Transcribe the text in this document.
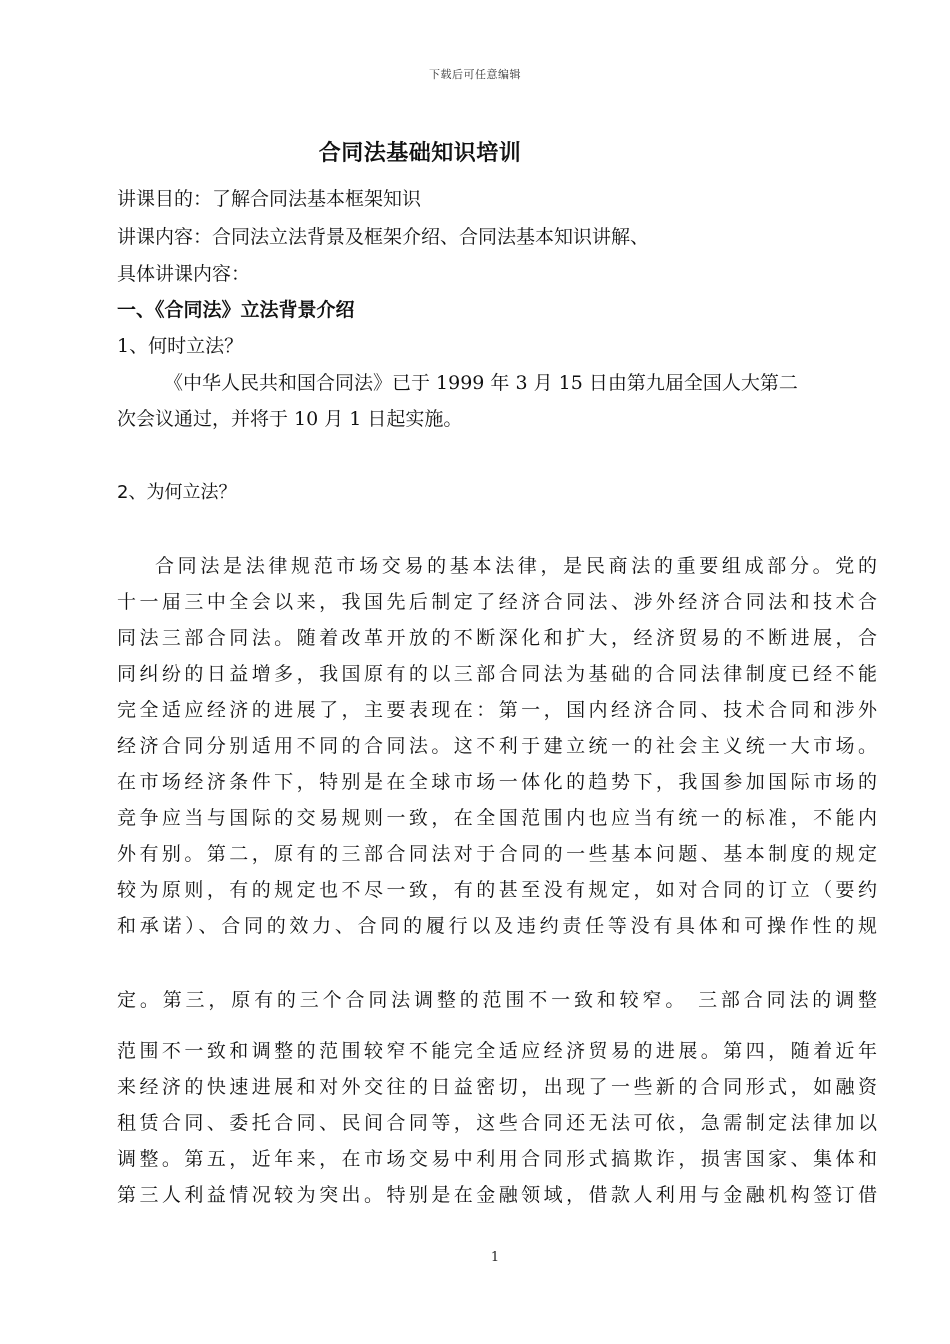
下载后可任意编辑
合同法基础知识培训
讲课目的：了解合同法基本框架知识
讲课内容：合同法立法背景及框架介绍、合同法基本知识讲解、
具体讲课内容：
一、《合同法》立法背景介绍
1、何时立法？
《中华人民共和国合同法》已于 1999 年 3 月 15 日由第九届全国人大第二
次会议通过，并将于 10 月 1 日起实施。
2、为何立法？
合同法是法律规范市场交易的基本法律，是民商法的重要组成部分。党的
十一届三中全会以来，我国先后制定了经济合同法、涉外经济合同法和技术合
同法三部合同法。随着改革开放的不断深化和扩大，经济贸易的不断进展，合
同纠纷的日益增多，我国原有的以三部合同法为基础的合同法律制度已经不能
完全适应经济的进展了，主要表现在：第一，国内经济合同、技术合同和涉外
经济合同分别适用不同的合同法。这不利于建立统一的社会主义统一大市场。
在市场经济条件下，特别是在全球市场一体化的趋势下，我国参加国际市场的
竞争应当与国际的交易规则一致，在全国范围内也应当有统一的标准，不能内
外有别。第二，原有的三部合同法对于合同的一些基本问题、基本制度的规定
较为原则，有的规定也不尽一致，有的甚至没有规定，如对合同的订立（要约
和承诺）、合同的效力、合同的履行以及违约责任等没有具体和可操作性的规
定。第三，原有的三个合同法调整的范围不一致和较窄。 三部合同法的调整
范围不一致和调整的范围较窄不能完全适应经济贸易的进展。第四，随着近年
来经济的快速进展和对外交往的日益密切，出现了一些新的合同形式，如融资
租赁合同、委托合同、民间合同等，这些合同还无法可依，急需制定法律加以
调整。第五，近年来，在市场交易中利用合同形式搞欺诈，损害国家、集体和
第三人利益情况较为突出。特别是在金融领域，借款人利用与金融机构签订借
1
